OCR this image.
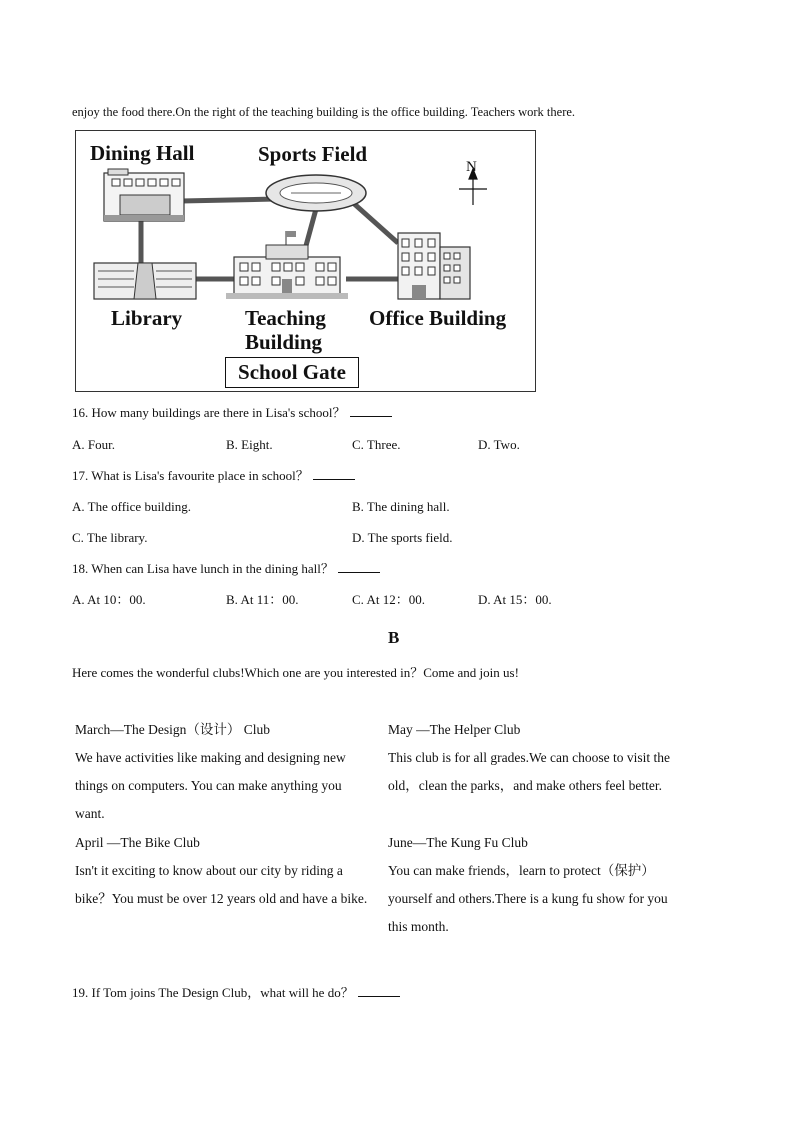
enjoy the food there.On the right of the teaching building is the office building. Teachers work there.
Dining Hall	Sports Field
N
Library	Teaching
Building
Office Building
School Gate
16. How many buildings are there in Lisa's school？
A. Four.	B. Eight.	C. Three.	D. Two.
17. What is Lisa's favourite place in school？
A. The office building.	B. The dining hall.
C. The library.	D. The sports field.
18. When can Lisa have lunch in the dining hall？
A. At 10：00.	B. At 11：00.	C. At 12：00.	D. At 15：00.
B
Here comes the wonderful clubs!Which one are you interested in？Come and join us!
March—The Design（设计） Club
We have activities like making and designing new things on computers. You can make anything you want.
May —The Helper Club
This club is for all grades.We can choose to visit the old，clean the parks，and make others feel better.
April —The Bike Club
Isn't it exciting to know about our city by riding a bike？You must be over 12 years old and have a bike.
June—The Kung Fu Club
You can make friends，learn to protect（保护） yourself and others.There is a kung fu show for you this month.
19. If Tom joins The Design Club，what will he do？
